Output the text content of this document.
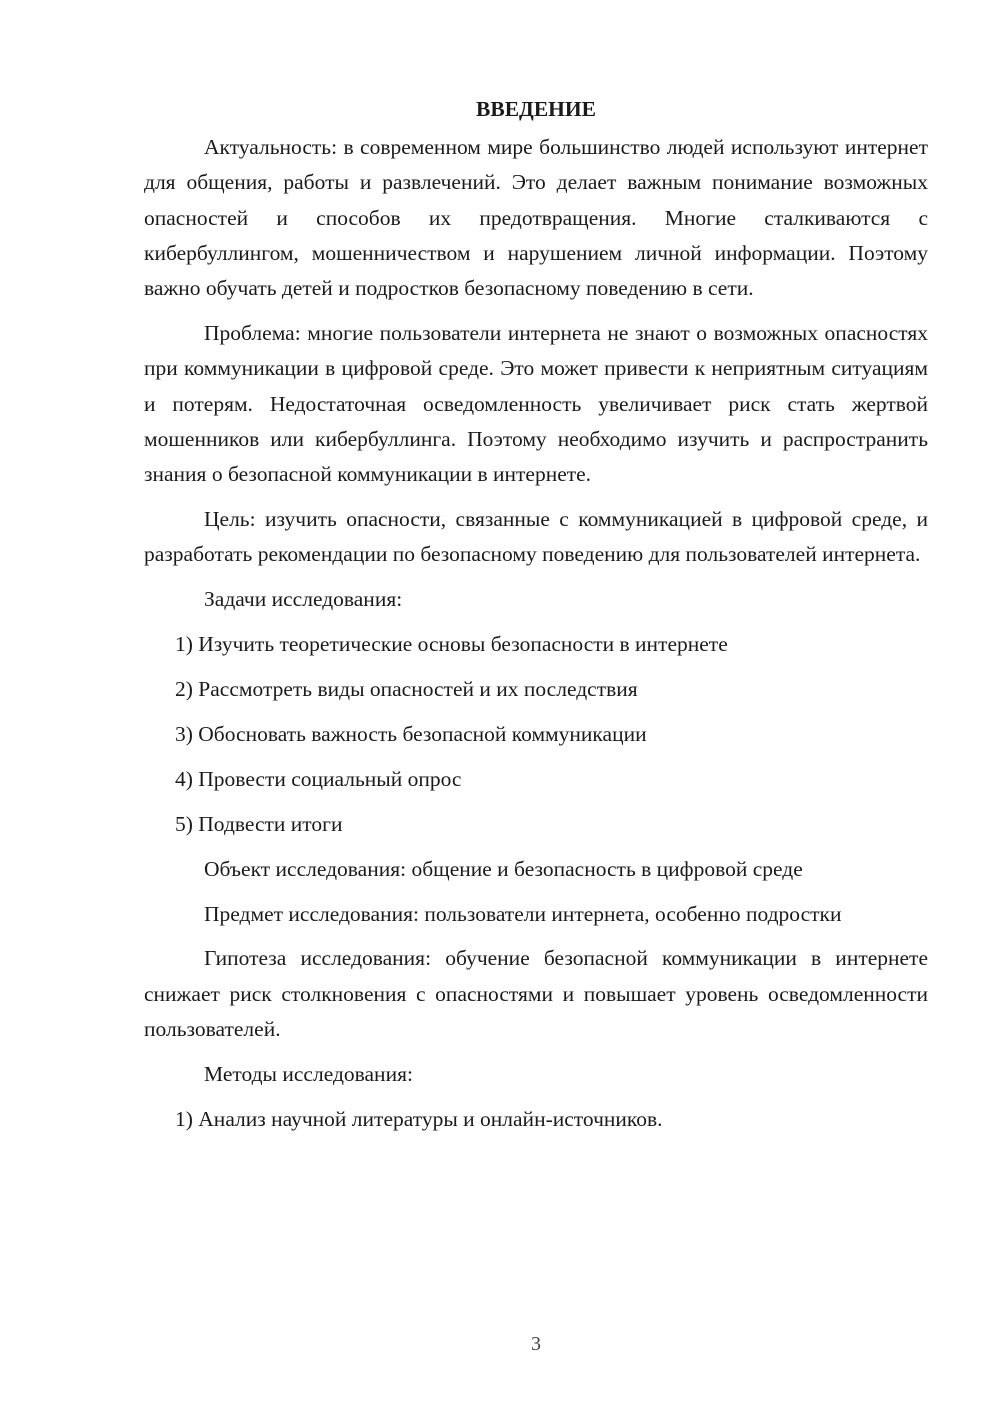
ВВЕДЕНИЕ

Актуальность: в современном мире большинство людей используют интернет для общения, работы и развлечений. Это делает важным понимание возможных опасностей и способов их предотвращения. Многие сталкиваются с кибербуллингом, мошенничеством и нарушением личной информации. Поэтому важно обучать детей и подростков безопасному поведению в сети.

Проблема: многие пользователи интернета не знают о возможных опасностях при коммуникации в цифровой среде. Это может привести к неприятным ситуациям и потерям. Недостаточная осведомленность увеличивает риск стать жертвой мошенников или кибербуллинга. Поэтому необходимо изучить и распространить знания о безопасной коммуникации в интернете.

Цель: изучить опасности, связанные с коммуникацией в цифровой среде, и разработать рекомендации по безопасному поведению для пользователей интернета.

Задачи исследования:

1) Изучить теоретические основы безопасности в интернете
2) Рассмотреть виды опасностей и их последствия
3) Обосновать важность безопасной коммуникации
4) Провести социальный опрос
5) Подвести итоги

Объект исследования: общение и безопасность в цифровой среде

Предмет исследования: пользователи интернета, особенно подростки

Гипотеза исследования: обучение безопасной коммуникации в интернете снижает риск столкновения с опасностями и повышает уровень осведомленности пользователей.

Методы исследования:

1) Анализ научной литературы и онлайн-источников.
3
